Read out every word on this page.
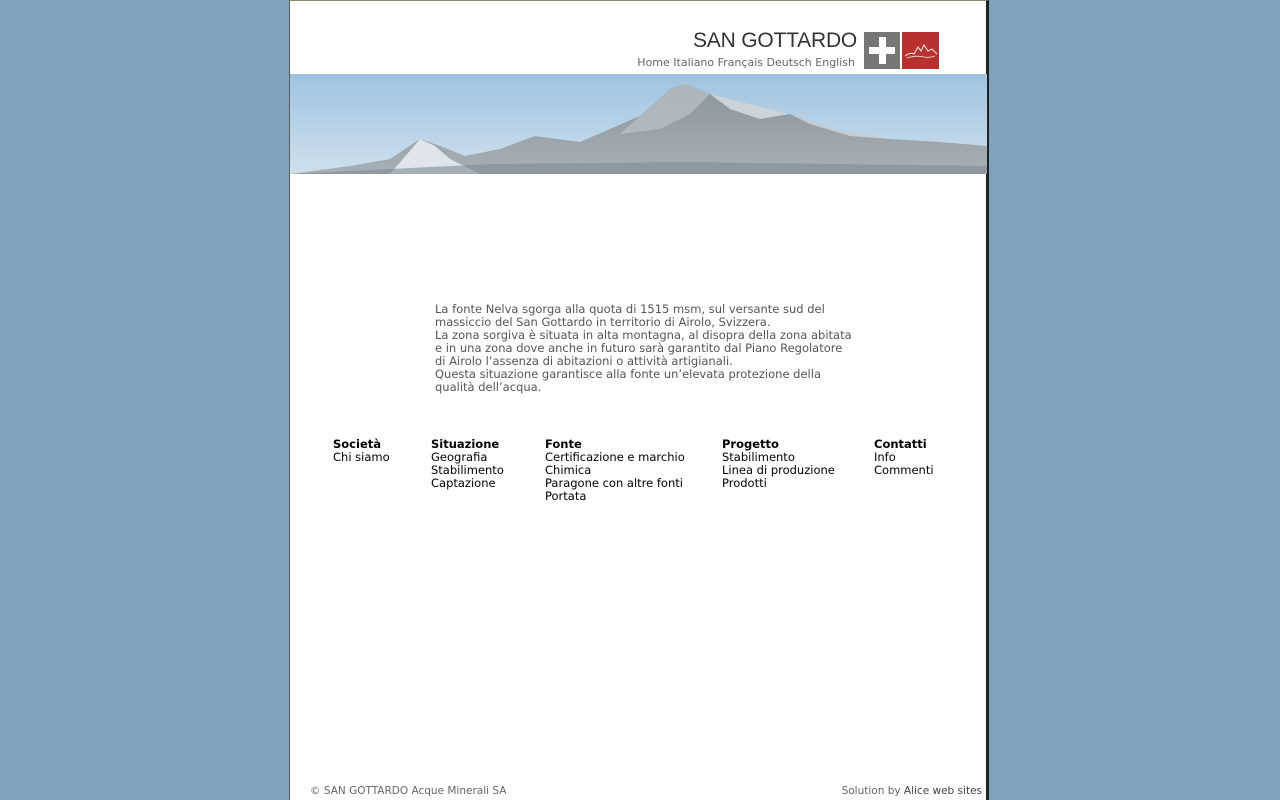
SAN GOTTARDO
Home Italiano Français Deutsch English

La fonte Nelva sgorga alla quota di 1515 msm, sul versante sud del massiccio del San Gottardo in territorio di Airolo, Svizzera.

La zona sorgiva è situata in alta montagna, al disopra della zona abitata e in una zona dove anche in futuro sarà garantito dal Piano Regolatore di Airolo l’assenza di abitazioni o attività artigianali.

Questa situazione garantisce alla fonte un’elevata protezione della qualità dell’acqua.

Società
Chi siamo
Situazione
Geografia
Stabilimento
Captazione
Fonte
Certificazione e marchio
Chimica
Paragone con altre fonti
Portata
Progetto
Stabilimento
Linea di produzione
Prodotti
Contatti
Info
Commenti
© SAN GOTTARDO Acque Minerali SA	Solution by Alice web sites
